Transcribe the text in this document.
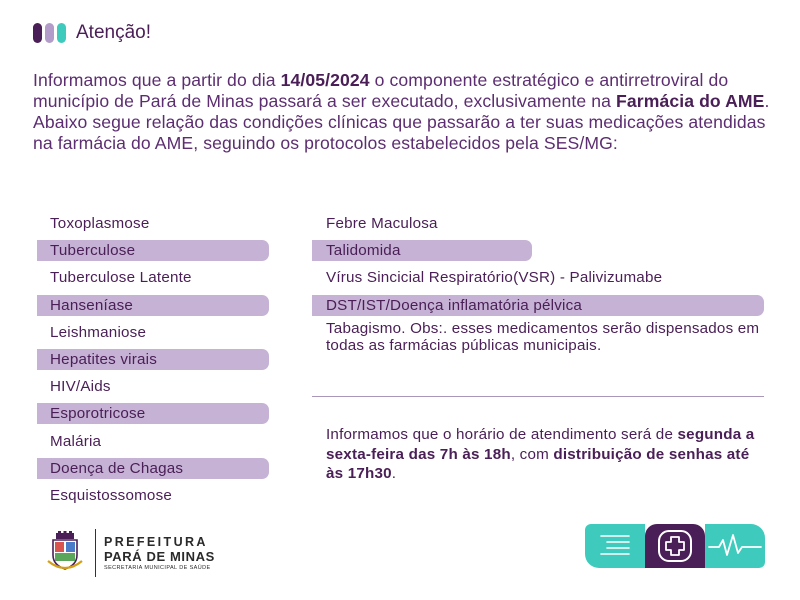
Atenção!
Informamos que a partir do dia 14/05/2024 o componente estratégico e antirretroviral do município de Pará de Minas passará a ser executado, exclusivamente na Farmácia do AME. Abaixo segue relação das condições clínicas que passarão a ter suas medicações atendidas na farmácia do AME, seguindo os protocolos estabelecidos pela SES/MG:
Toxoplasmose
Tuberculose
Tuberculose Latente
Hanseníase
Leishmaniose
Hepatites virais
HIV/Aids
Esporotricose
Malária
Doença de Chagas
Esquistossomose
Febre Maculosa
Talidomida
Vírus Sincicial Respiratório(VSR) - Palivizumabe
DST/IST/Doença inflamatória pélvica
Tabagismo. Obs:. esses medicamentos serão dispensados em todas as farmácias públicas municipais.
Informamos que o horário de atendimento será de segunda a sexta-feira das 7h às 18h, com distribuição de senhas até às 17h30.
PREFEITURA
PARÁ DE MINAS
SECRETARIA MUNICIPAL DE SAÚDE
